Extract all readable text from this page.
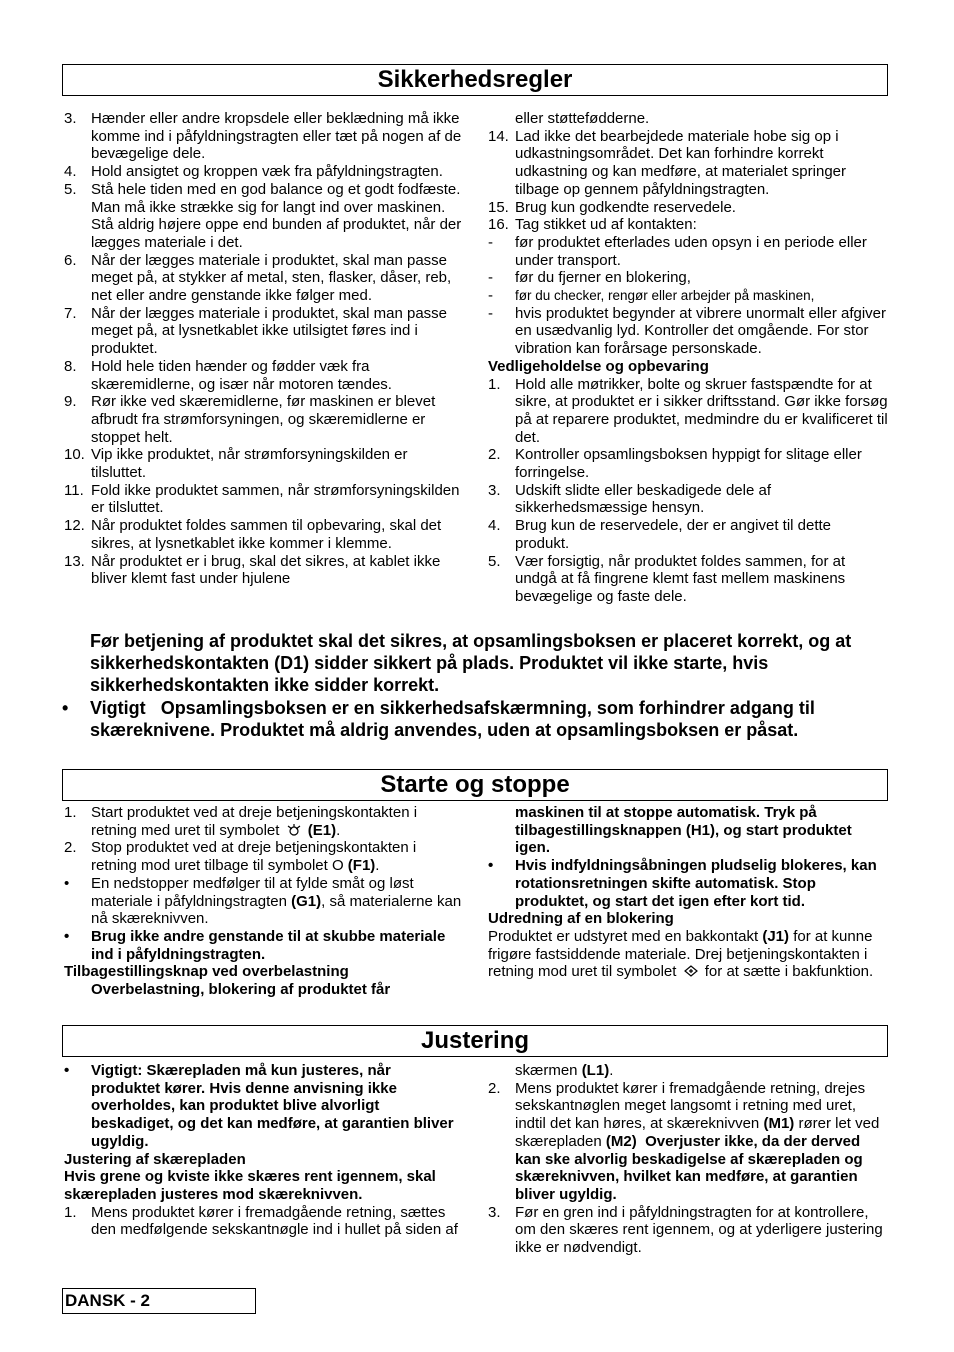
Sikkerhedsregler

3. Hænder eller andre kropsdele eller beklædning må ikke komme ind i påfyldningstragten eller tæt på nogen af de bevægelige dele.

4. Hold ansigtet og kroppen væk fra påfyldningstragten.

5. Stå hele tiden med en god balance og et godt fodfæste. Man må ikke strække sig for langt ind over maskinen. Stå aldrig højere oppe end bunden af produktet, når der lægges materiale i det.

6. Når der lægges materiale i produktet, skal man passe meget på, at stykker af metal, sten, flasker, dåser, reb, net eller andre genstande ikke følger med.

7. Når der lægges materiale i produktet, skal man passe meget på, at lysnetkablet ikke utilsigtet føres ind i produktet.

8. Hold hele tiden hænder og fødder væk fra skæremidlerne, og især når motoren tændes.

9. Rør ikke ved skæremidlerne, før maskinen er blevet afbrudt fra strømforsyningen, og skæremidlerne er stoppet helt.

10. Vip ikke produktet, når strømforsyningskilden er tilsluttet.

11. Fold ikke produktet sammen, når strømforsyningskilden er tilsluttet.

12. Når produktet foldes sammen til opbevaring, skal det sikres, at lysnetkablet ikke kommer i klemme.

13. Når produktet er i brug, skal det sikres, at kablet ikke bliver klemt fast under hjulene

eller støttefødderne.

14. Lad ikke det bearbejdede materiale hobe sig op i udkastningsområdet. Det kan forhindre korrekt udkastning og kan medføre, at materialet springer tilbage op gennem påfyldningstragten.

15. Brug kun godkendte reservedele.

16. Tag stikket ud af kontakten:

- før produktet efterlades uden opsyn i en periode eller under transport.

- før du fjerner en blokering,

- før du checker, rengør eller arbejder på maskinen,

- hvis produktet begynder at vibrere unormalt eller afgiver en usædvanlig lyd. Kontroller det omgående. For stor vibration kan forårsage personskade.

Vedligeholdelse og opbevaring

1. Hold alle møtrikker, bolte og skruer fastspændte for at sikre, at produktet er i sikker driftsstand. Gør ikke forsøg på at reparere produktet, medmindre du er kvalificeret til det.

2. Kontroller opsamlingsboksen hyppigt for slitage eller forringelse.

3. Udskift slidte eller beskadigede dele af sikkerhedsmæssige hensyn.

4. Brug kun de reservedele, der er angivet til dette produkt.

5. Vær forsigtig, når produktet foldes sammen, for at undgå at få fingrene klemt fast mellem maskinens bevægelige og faste dele.

Før betjening af produktet skal det sikres, at opsamlingsboksen er placeret korrekt, og at sikkerhedskontakten (D1) sidder sikkert på plads. Produktet vil ikke starte, hvis sikkerhedskontakten ikke sidder korrekt.

• Vigtigt Opsamlingsboksen er en sikkerhedsafskærmning, som forhindrer adgang til skæreknivene. Produktet må aldrig anvendes, uden at opsamlingsboksen er påsat.

Starte og stoppe

1. Start produktet ved at dreje betjeningskontakten i retning med uret til symbolet (E1).

2. Stop produktet ved at dreje betjeningskontakten i retning mod uret tilbage til symbolet O (F1).

• En nedstopper medfølger til at fylde småt og løst materiale i påfyldningstragten (G1), så materialerne kan nå skæreknivven.

• Brug ikke andre genstande til at skubbe materiale ind i påfyldningstragten.

Tilbagestillingsknap ved overbelastning

Overbelastning, blokering af produktet får

maskinen til at stoppe automatisk. Tryk på tilbagestillingsknappen (H1), og start produktet igen.

• Hvis indfyldningsåbningen pludselig blokeres, kan rotationsretningen skifte automatisk. Stop produktet, og start det igen efter kort tid.

Udredning af en blokering

Produktet er udstyret med en bakkontakt (J1) for at kunne frigøre fastsiddende materiale. Drej betjeningskontakten i retning mod uret til symbolet for at sætte i bakfunktion.

Justering

• Vigtigt: Skærepladen må kun justeres, når produktet kører. Hvis denne anvisning ikke overholdes, kan produktet blive alvorligt beskadiget, og det kan medføre, at garantien bliver ugyldig.

Justering af skærepladen

Hvis grene og kviste ikke skæres rent igennem, skal skærepladen justeres mod skæreknivven.

1. Mens produktet kører i fremadgående retning, sættes den medfølgende sekskantnøgle ind i hullet på siden af

skærmen (L1).

2. Mens produktet kører i fremadgående retning, drejes sekskantnøglen meget langsomt i retning med uret, indtil det kan høres, at skæreknivven (M1) rører let ved skærepladen (M2) Overjuster ikke, da der derved kan ske alvorlig beskadigelse af skærepladen og skæreknivven, hvilket kan medføre, at garantien bliver ugyldig.

3. Før en gren ind i påfyldningstragten for at kontrollere, om den skæres rent igennem, og at yderligere justering ikke er nødvendigt.

DANSK - 2
